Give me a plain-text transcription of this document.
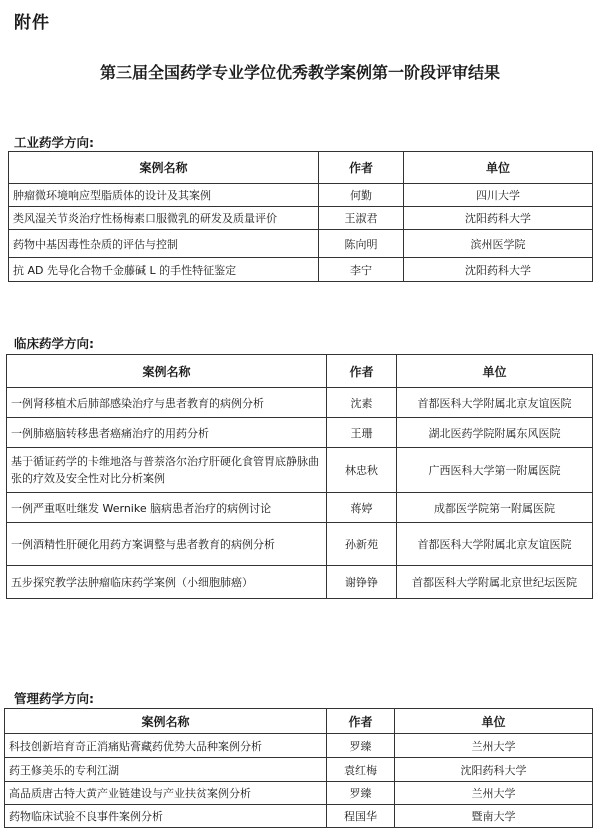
附件
第三届全国药学专业学位优秀教学案例第一阶段评审结果
工业药学方向:
案例名称	作者	单位
肿瘤微环境响应型脂质体的设计及其案例	何勤	四川大学
类风湿关节炎治疗性杨梅素口服微乳的研发及质量评价	王淑君	沈阳药科大学
药物中基因毒性杂质的评估与控制	陈向明	滨州医学院
抗 AD 先导化合物千金藤碱 L 的手性特征鉴定	李宁	沈阳药科大学
临床药学方向:
案例名称	作者	单位
一例肾移植术后肺部感染治疗与患者教育的病例分析	沈素	首都医科大学附属北京友谊医院
一例肺癌脑转移患者癌痛治疗的用药分析	王珊	湖北医药学院附属东风医院
基于循证药学的卡维地洛与普萘洛尔治疗肝硬化食管胃底静脉曲张的疗效及安全性对比分析案例	林忠秋	广西医科大学第一附属医院
一例严重呕吐继发 Wernike 脑病患者治疗的病例讨论	蒋婷	成都医学院第一附属医院
一例酒精性肝硬化用药方案调整与患者教育的病例分析	孙新苑	首都医科大学附属北京友谊医院
五步探究教学法肿瘤临床药学案例（小细胞肺癌）	谢铮铮	首都医科大学附属北京世纪坛医院
管理药学方向:
案例名称	作者	单位
科技创新培育奇正消痛贴膏藏药优势大品种案例分析	罗臻	兰州大学
药王修美乐的专利江湖	袁红梅	沈阳药科大学
高品质唐古特大黄产业链建设与产业扶贫案例分析	罗臻	兰州大学
药物临床试验不良事件案例分析	程国华	暨南大学
